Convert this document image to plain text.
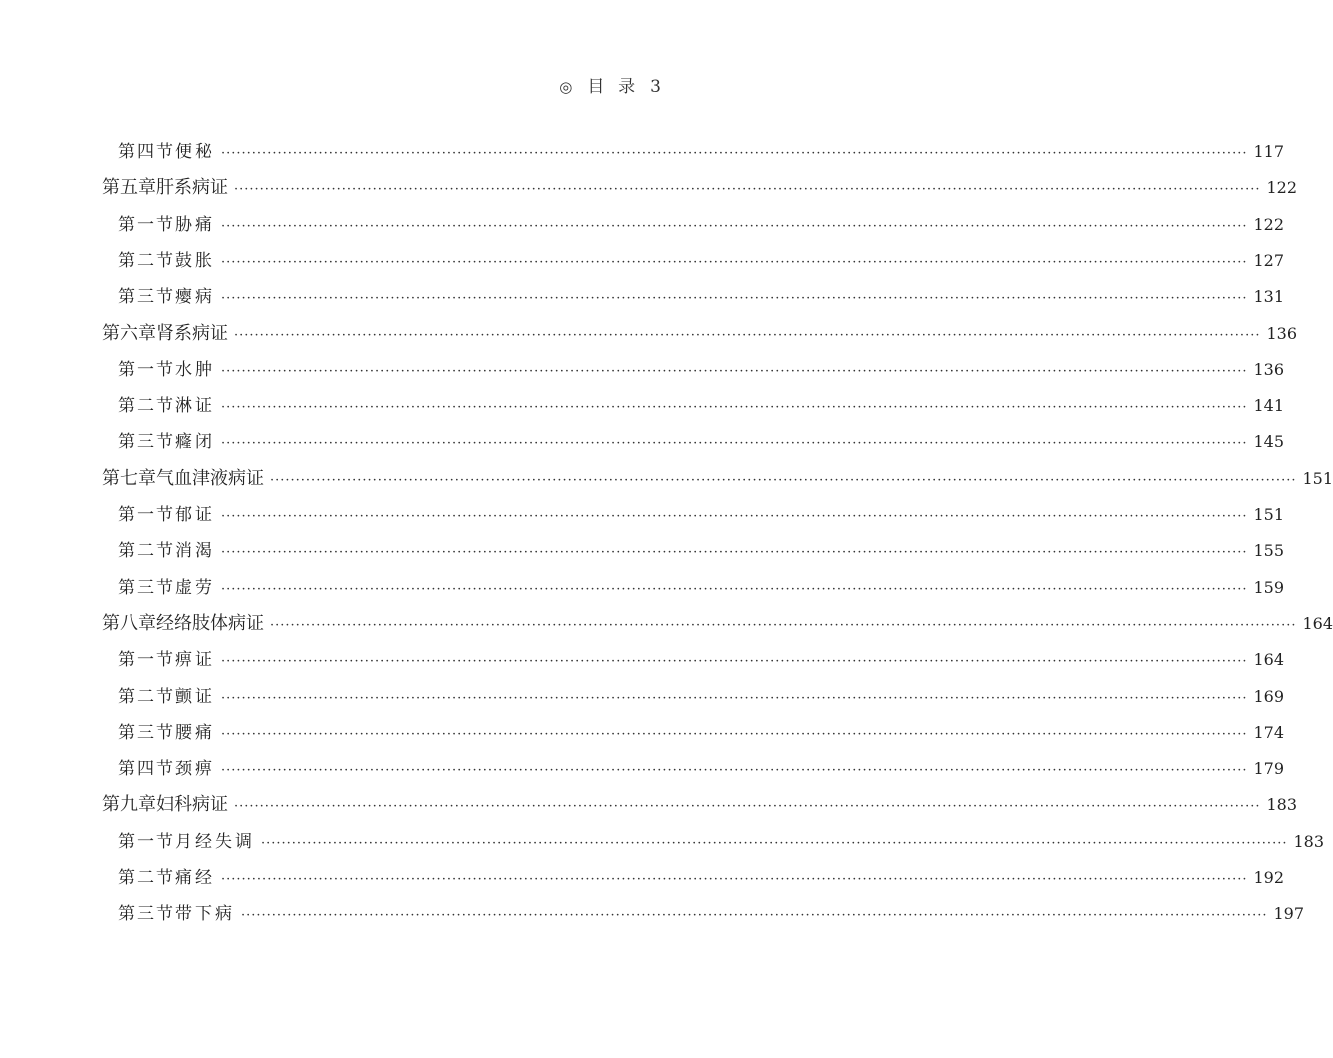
◎ 目  录 3
第四节 便秘 ········································································································································································································ 117
第五章 肝系病证 ········································································································································································································ 122
第一节 胁痛 ········································································································································································································ 122
第二节 鼓胀 ········································································································································································································ 127
第三节 瘿病 ········································································································································································································ 131
第六章 肾系病证 ········································································································································································································ 136
第一节 水肿 ········································································································································································································ 136
第二节 淋证 ········································································································································································································ 141
第三节 癃闭 ········································································································································································································ 145
第七章 气血津液病证 ········································································································································································································ 151
第一节 郁证 ········································································································································································································ 151
第二节 消渴 ········································································································································································································ 155
第三节 虚劳 ········································································································································································································ 159
第八章 经络肢体病证 ········································································································································································································ 164
第一节 痹证 ········································································································································································································ 164
第二节 颤证 ········································································································································································································ 169
第三节 腰痛 ········································································································································································································ 174
第四节 颈痹 ········································································································································································································ 179
第九章 妇科病证 ········································································································································································································ 183
第一节 月经失调 ········································································································································································································ 183
第二节 痛经 ········································································································································································································ 192
第三节 带下病 ········································································································································································································ 197
